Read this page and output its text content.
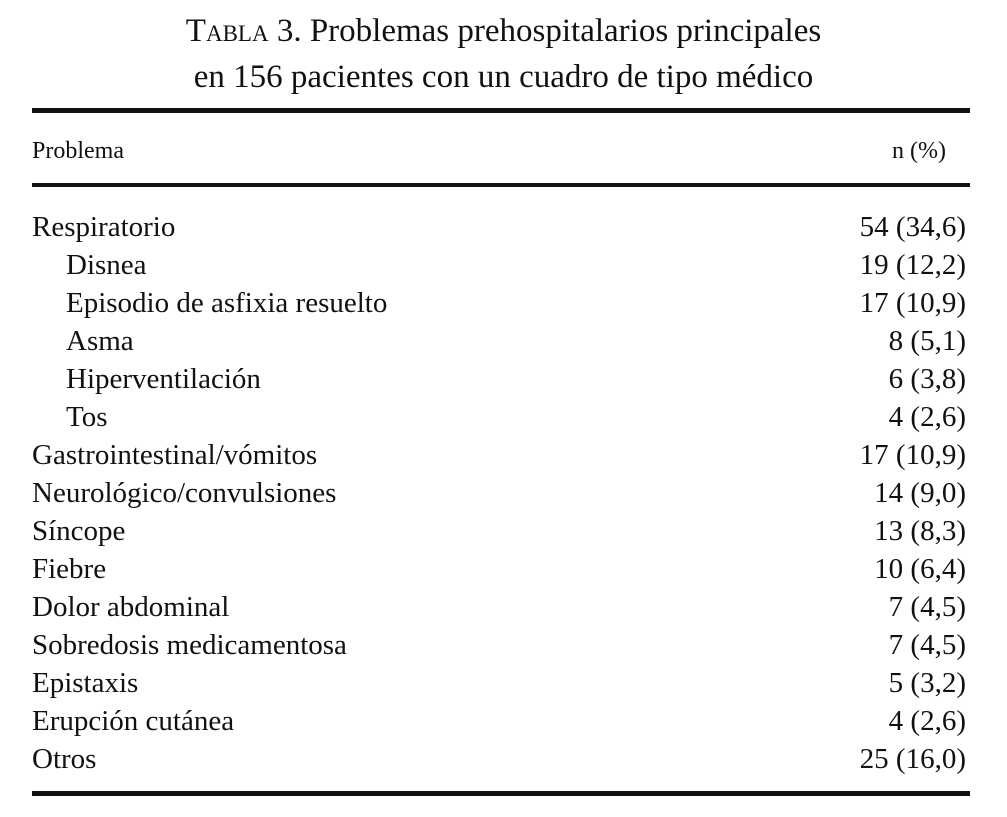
Tabla 3. Problemas prehospitalarios principales
en 156 pacientes con un cuadro de tipo médico
Problema	n (%)
Respiratorio	54 (34,6)
Disnea	19 (12,2)
Episodio de asfixia resuelto	17 (10,9)
Asma	8 (5,1)
Hiperventilación	6 (3,8)
Tos	4 (2,6)
Gastrointestinal/vómitos	17 (10,9)
Neurológico/convulsiones	14 (9,0)
Síncope	13 (8,3)
Fiebre	10 (6,4)
Dolor abdominal	7 (4,5)
Sobredosis medicamentosa	7 (4,5)
Epistaxis	5 (3,2)
Erupción cutánea	4 (2,6)
Otros	25 (16,0)
